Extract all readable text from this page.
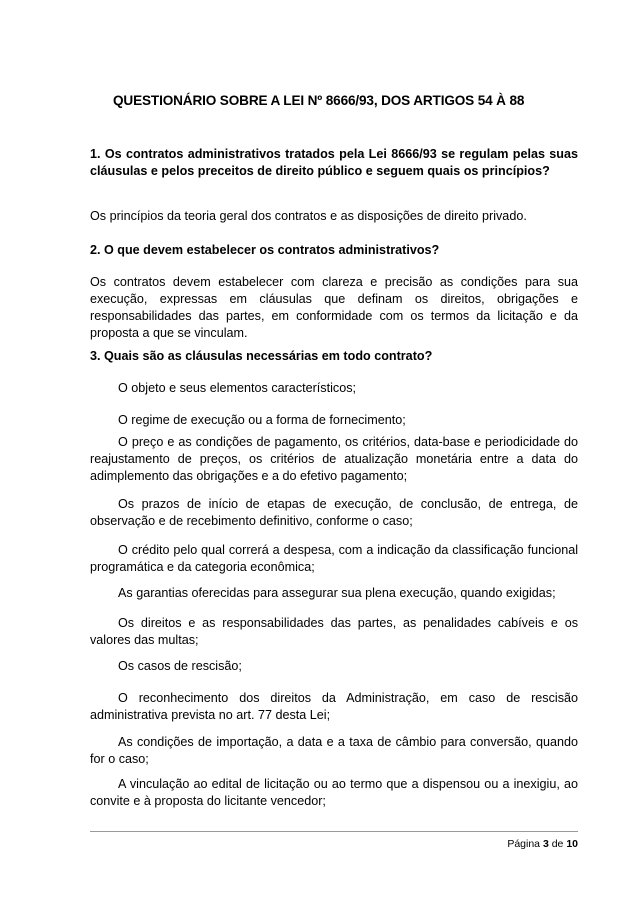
QUESTIONÁRIO SOBRE A LEI Nº 8666/93, DOS ARTIGOS 54 À 88
1. Os contratos administrativos tratados pela Lei 8666/93 se regulam pelas suas cláusulas e pelos preceitos de direito público e seguem quais os princípios?
Os princípios da teoria geral dos contratos e as disposições de direito privado.
2. O que devem estabelecer os contratos administrativos?
Os contratos devem estabelecer com clareza e precisão as condições para sua execução, expressas em cláusulas que definam os direitos, obrigações e responsabilidades das partes, em conformidade com os termos da licitação e da proposta a que se vinculam.
3. Quais são as cláusulas necessárias em todo contrato?
O objeto e seus elementos característicos;
O regime de execução ou a forma de fornecimento;
O preço e as condições de pagamento, os critérios, data-base e periodicidade do reajustamento de preços, os critérios de atualização monetária entre a data do adimplemento das obrigações e a do efetivo pagamento;
Os prazos de início de etapas de execução, de conclusão, de entrega, de observação e de recebimento definitivo, conforme o caso;
O crédito pelo qual correrá a despesa, com a indicação da classificação funcional programática e da categoria econômica;
As garantias oferecidas para assegurar sua plena execução, quando exigidas;
Os direitos e as responsabilidades das partes, as penalidades cabíveis e os valores das multas;
Os casos de rescisão;
O reconhecimento dos direitos da Administração, em caso de rescisão administrativa prevista no art. 77 desta Lei;
As condições de importação, a data e a taxa de câmbio para conversão, quando for o caso;
A vinculação ao edital de licitação ou ao termo que a dispensou ou a inexigiu, ao convite e à proposta do licitante vencedor;
Página 3 de 10
